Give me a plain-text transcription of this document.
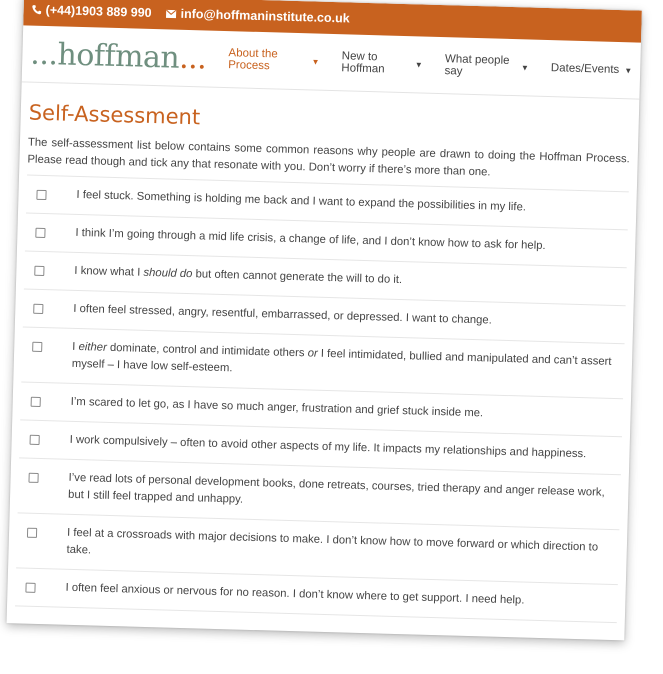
(+44)1903 889 990 info@hoffmaninstitute.co.uk
... hoffman ... About the Process	▼ New to Hoffman	▼ What people say	▼ Dates/Events ▼
Self-Assessment

The self-assessment list below contains some common reasons why people are drawn to doing the Hoffman Process. Please read though and tick any that resonate with you. Don’t worry if there’s more than one.

I feel stuck. Something is holding me back and I want to expand the possibilities in my life.
I think I’m going through a mid life crisis, a change of life, and I don’t know how to ask for help.
I know what I should do but often cannot generate the will to do it.
I often feel stressed, angry, resentful, embarrassed, or depressed. I want to change.
I either dominate, control and intimidate others or I feel intimidated, bullied and manipulated and can’t assert myself – I have low self-esteem.
I’m scared to let go, as I have so much anger, frustration and grief stuck inside me.
I work compulsively – often to avoid other aspects of my life. It impacts my relationships and happiness.
I’ve read lots of personal development books, done retreats, courses, tried therapy and anger release work, but I still feel trapped and unhappy.
I feel at a crossroads with major decisions to make. I don’t know how to move forward or which direction to take.
I often feel anxious or nervous for no reason. I don’t know where to get support. I need help.
